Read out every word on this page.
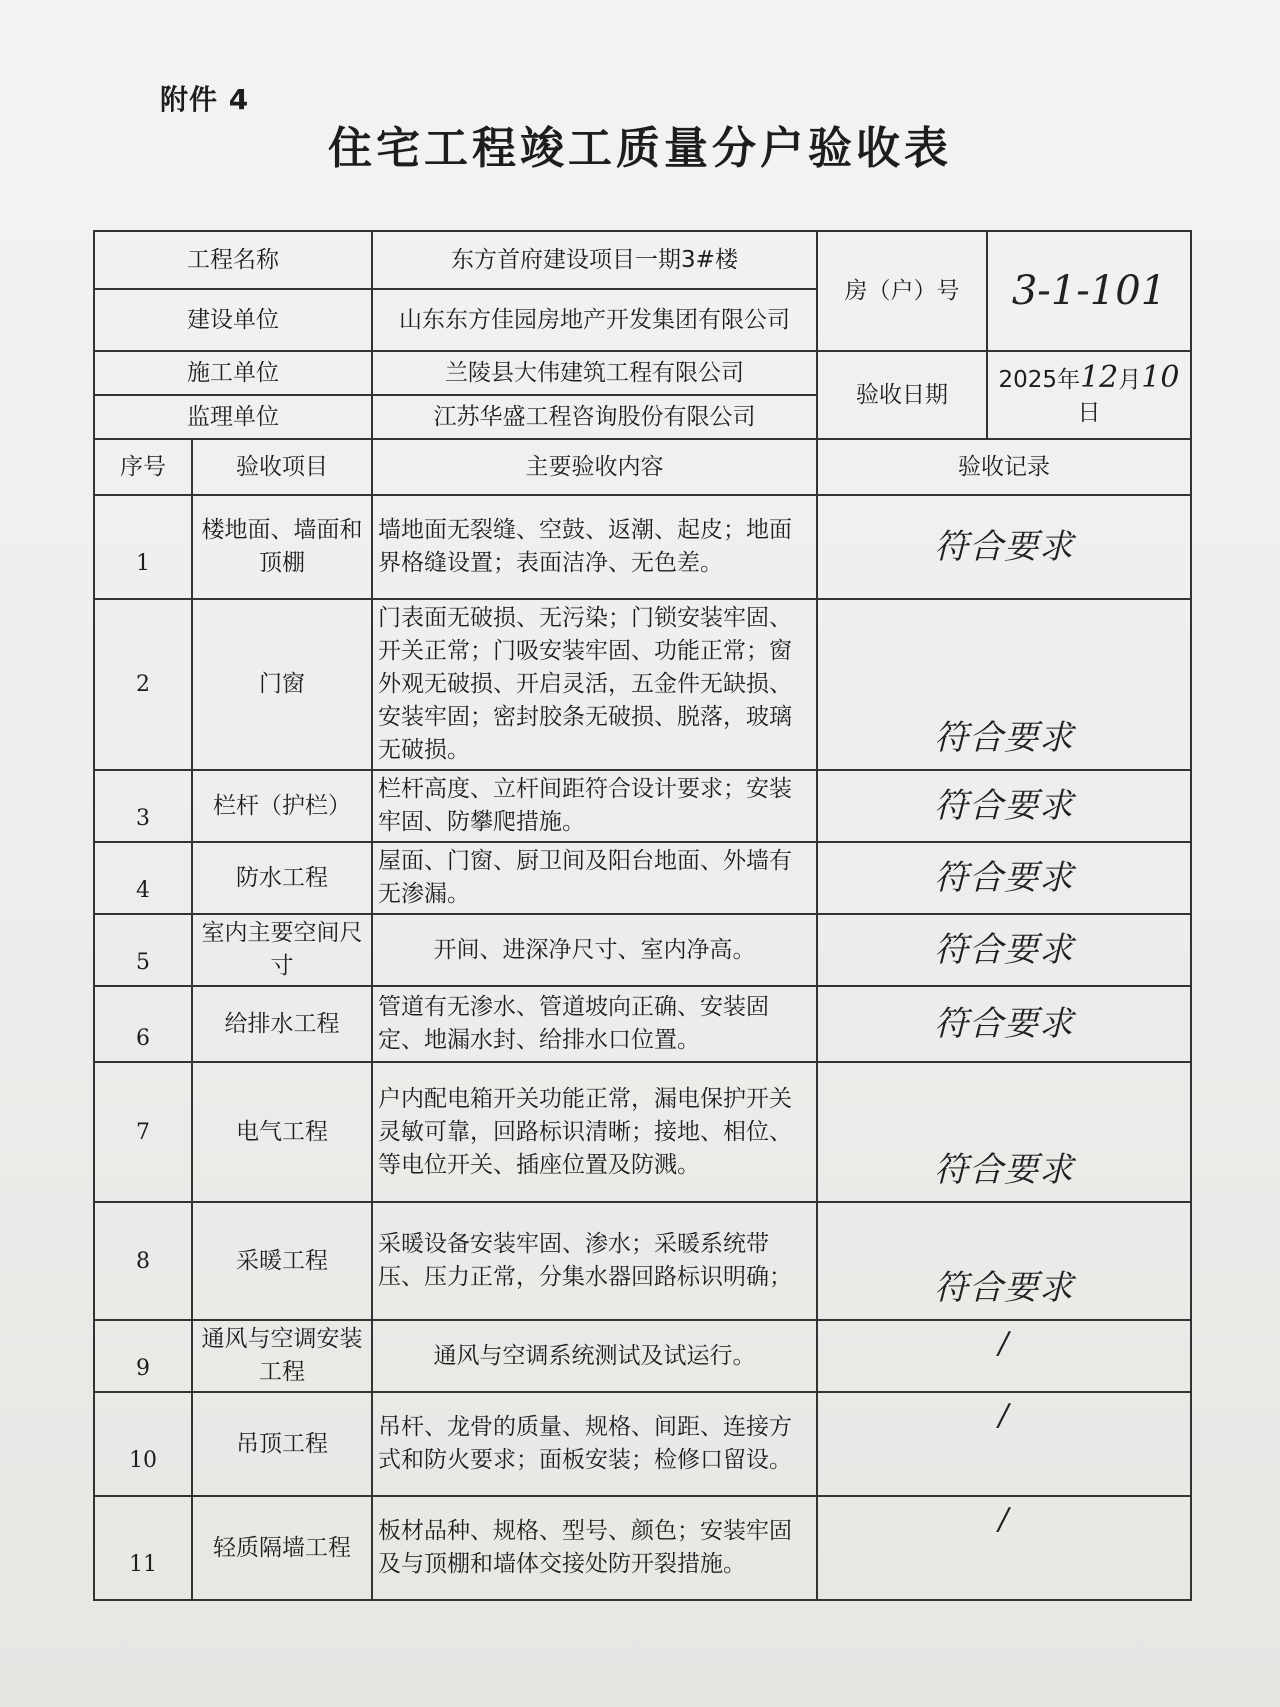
附件 4
住宅工程竣工质量分户验收表
工程名称		东方首府建设项目一期3#楼	房（户）号	3-1-101
建设单位		山东东方佳园房地产开发集团有限公司		
施工单位		兰陵县大伟建筑工程有限公司	验收日期	2025年12月10日
监理单位		江苏华盛工程咨询股份有限公司		
序号	验收项目	主要验收内容	验收记录	
1	楼地面、墙面和顶棚	墙地面无裂缝、空鼓、返潮、起皮；地面界格缝设置；表面洁净、无色差。	符合要求	
2	门窗	门表面无破损、无污染；门锁安装牢固、开关正常；门吸安装牢固、功能正常；窗外观无破损、开启灵活，五金件无缺损、 安装牢固；密封胶条无破损、脱落，玻璃无破损。	符合要求	
3	栏杆（护栏）	栏杆高度、立杆间距符合设计要求；安装牢固、防攀爬措施。	符合要求	
4	防水工程	屋面、门窗、厨卫间及阳台地面、外墙有无渗漏。	符合要求	
5	室内主要空间尺寸	开间、进深净尺寸、室内净高。	符合要求	
6	给排水工程	管道有无渗水、管道坡向正确、安装固定、地漏水封、给排水口位置。	符合要求	
7	电气工程	户内配电箱开关功能正常，漏电保护开关灵敏可靠，回路标识清晰；接地、相位、等电位开关、插座位置及防溅。	符合要求	
8	采暖工程	采暖设备安装牢固、渗水；采暖系统带压、压力正常，分集水器回路标识明确；	符合要求	
9	通风与空调安装工程	通风与空调系统测试及试运行。	/	
10	吊顶工程	吊杆、龙骨的质量、规格、间距、连接方式和防火要求；面板安装；检修口留设。	/	
11	轻质隔墙工程	板材品种、规格、型号、颜色；安装牢固及与顶棚和墙体交接处防开裂措施。	/	
